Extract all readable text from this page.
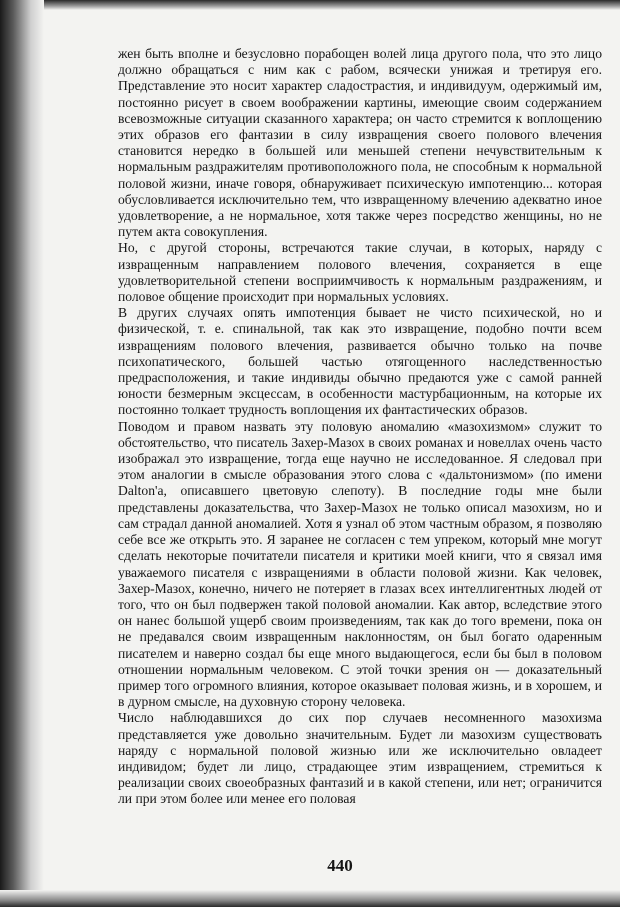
жен быть вполне и безусловно порабощен волей лица другого пола, что это лицо должно обращаться с ним как с рабом, всячески унижая и третируя его. Представление это носит характер сладострастия, и индивидуум, одержимый им, постоянно рисует в своем воображении картины, имеющие своим содержанием всевозможные ситуации сказанного характера; он часто стремится к воплощению этих образов его фантазии в силу извращения своего полового влечения становится нередко в большей или меньшей степени нечувствительным к нормальным раздражителям противоположного пола, не способным к нормальной половой жизни, иначе говоря, обнаруживает психическую импотенцию... которая обусловливается исключительно тем, что извращенному влечению адекватно иное удовлетворение, а не нормальное, хотя также через посредство женщины, но не путем акта совокупления.

Но, с другой стороны, встречаются такие случаи, в которых, наряду с извращенным направлением полового влечения, сохраняется в еще удовлетворительной степени восприимчивость к нормальным раздражениям, и половое общение происходит при нормальных условиях.

В других случаях опять импотенция бывает не чисто психической, но и физической, т. е. спинальной, так как это извращение, подобно почти всем извращениям полового влечения, развивается обычно только на почве психопатического, большей частью отягощенного наследственностью предрасположения, и такие индивиды обычно предаются уже с самой ранней юности безмерным эксцессам, в особенности мастурбационным, на которые их постоянно толкает трудность воплощения их фантастических образов.

Поводом и правом назвать эту половую аномалию «мазохизмом» служит то обстоятельство, что писатель Захер-Мазох в своих романах и новеллах очень часто изображал это извращение, тогда еще научно не исследованное. Я следовал при этом аналогии в смысле образования этого слова с «дальтонизмом» (по имени Dalton'а, описавшего цветовую слепоту). В последние годы мне были представлены доказательства, что Захер-Мазох не только описал мазохизм, но и сам страдал данной аномалией. Хотя я узнал об этом частным образом, я позволяю себе все же открыть это. Я заранее не согласен с тем упреком, который мне могут сделать некоторые почитатели писателя и критики моей книги, что я связал имя уважаемого писателя с извращениями в области половой жизни. Как человек, Захер-Мазох, конечно, ничего не потеряет в глазах всех интеллигентных людей от того, что он был подвержен такой половой аномалии. Как автор, вследствие этого он нанес большой ущерб своим произведениям, так как до того времени, пока он не предавался своим извращенным наклонностям, он был богато одаренным писателем и наверно создал бы еще много выдающегося, если бы был в половом отношении нормальным человеком. С этой точки зрения он — доказательный пример того огромного влияния, которое оказывает половая жизнь, и в хорошем, и в дурном смысле, на духовную сторону человека.

Число наблюдавшихся до сих пор случаев несомненного мазохизма представляется уже довольно значительным. Будет ли мазохизм существовать наряду с нормальной половой жизнью или же исключительно овладеет индивидом; будет ли лицо, страдающее этим извращением, стремиться к реализации своих своеобразных фантазий и в какой степени, или нет; ограничится ли при этом более или менее его половая

440
